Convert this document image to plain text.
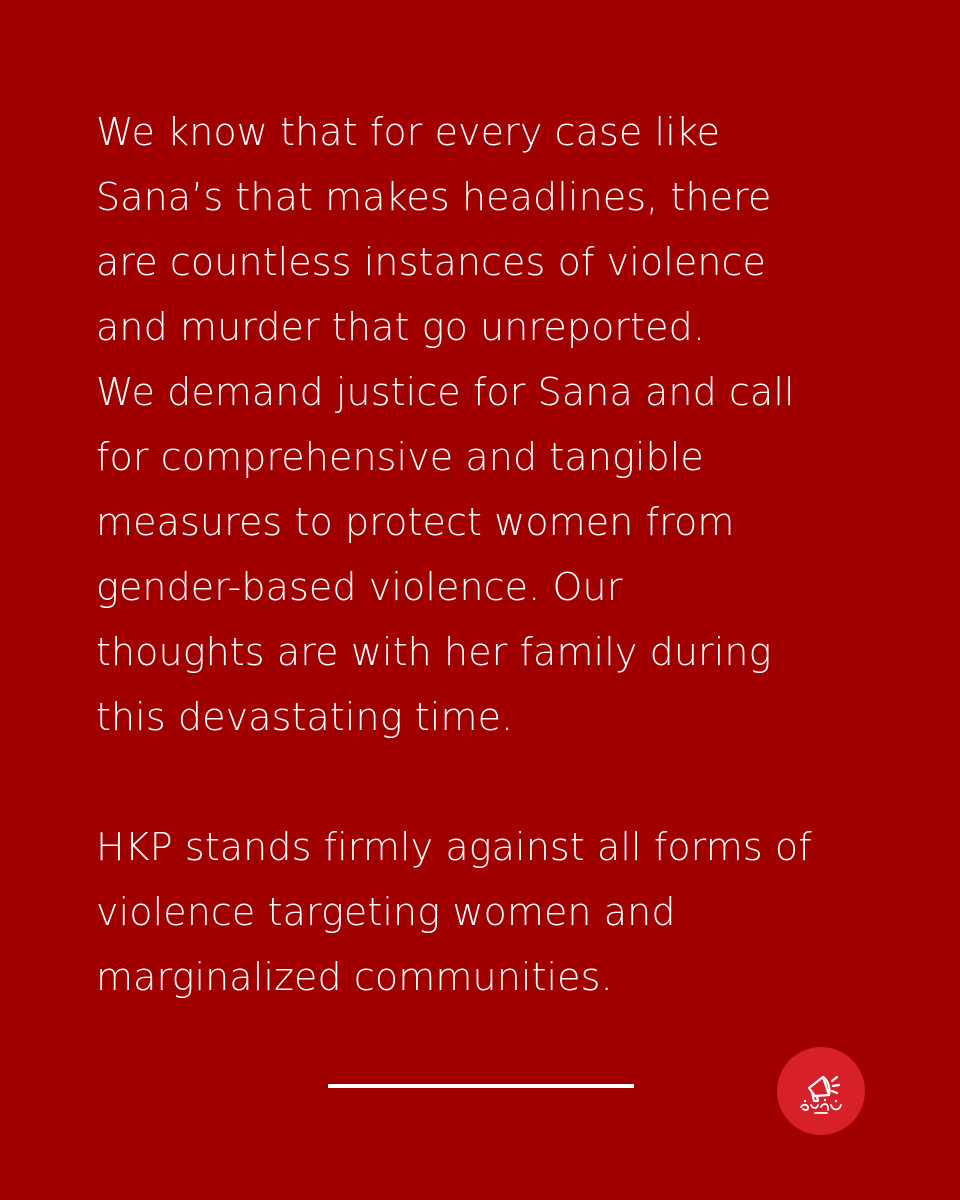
We know that for every case like
Sana’s that makes headlines, there
are countless instances of violence
and murder that go unreported.
We demand justice for Sana and call
for comprehensive and tangible
measures to protect women from
gender-based violence. Our
thoughts are with her family during
this devastating time.
HKP stands firmly against all forms of
violence targeting women and
marginalized communities.
